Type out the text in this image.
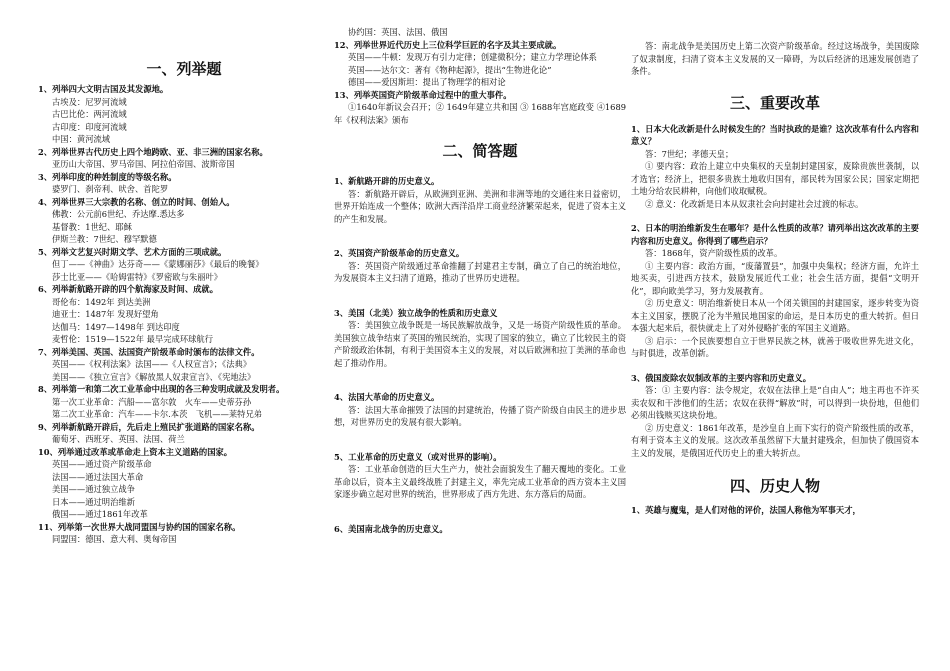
一、列举题
1、列举四大文明古国及其发源地。
古埃及：尼罗河流域
古巴比伦：两河流域
古印度：印度河流域
中国：黄河流域
2、列举世界古代历史上四个地跨欧、亚、非三洲的国家名称。
亚历山大帝国、罗马帝国、阿拉伯帝国、波斯帝国
3、列举印度的种姓制度的等级名称。
婆罗门、刹帝利、吠舍、首陀罗
4、列举世界三大宗教的名称、创立的时间、创始人。
佛教：公元前6世纪、乔达摩.悉达多
基督教：1世纪、耶稣
伊斯兰教：7世纪、穆罕默德
5、列举文艺复兴时期文学、艺术方面的三项成就。
但丁——《神曲》达芬奇——《蒙娜丽莎》《最后的晚餐》
莎士比亚——《哈姆雷特》《罗密欧与朱丽叶》
6、列举新航路开辟的四个航海家及时间、成就。
哥伦布：1492年 到达美洲
迪亚士：1487年 发现好望角
达伽马：1497—1498年 到达印度
麦哲伦：1519—1522年 最早完成环球航行
7、列举美国、英国、法国资产阶级革命时颁布的法律文件。
英国——《权利法案》法国——《人权宣言》；《法典》
美国——《独立宣言》《解放黑人奴隶宣言》、《宪地法》
8、列举第一和第二次工业革命中出现的各三种发明成就及发明者。
第一次工业革命：汽船——富尔敦　火车——史蒂芬孙
第二次工业革命：汽车——卡尔.本茨　飞机——莱特兄弟
9、列举新航路开辟后，先后走上殖民扩张道路的国家名称。
葡萄牙、西班牙、英国、法国、荷兰
10、列举通过改革或革命走上资本主义道路的国家。
英国——通过资产阶级革命
法国——通过法国大革命
美国——通过独立战争
日本——通过明治维新
俄国——通过1861年改革
11、列举第一次世界大战同盟国与协约国的国家名称。
同盟国：德国、意大利、奥匈帝国
协约国：英国、法国、俄国
12、列举世界近代历史上三位科学巨匠的名字及其主要成就。
英国——牛顿：发现万有引力定律；创建微积分；建立力学理论体系
英国——达尔文：著有《物种起源》，提出“生物进化论”
德国——爱因斯坦：提出了物理学的相对论
13、列举英国资产阶级革命过程中的重大事件。
①1640年新议会召开；② 1649年建立共和国 ③ 1688年宫庭政变 ④1689年《权利法案》颁布
二、简答题
1、新航路开辟的历史意义。
答：新航路开辟后，从欧洲到亚洲、美洲和非洲等地的交通往来日益密切，世界开始连成一个整体；欧洲大西洋沿岸工商业经济繁荣起来，促进了资本主义的产生和发展。
2、英国资产阶级革命的历史意义。
答：英国资产阶级通过革命推翻了封建君主专制，确立了自己的统治地位，为发展资本主义扫清了道路，推动了世界历史进程。
3、美国（北美）独立战争的性质和历史意义
答：美国独立战争既是一场民族解放战争，又是一场资产阶级性质的革命。美国独立战争结束了英国的殖民统治，实现了国家的独立，确立了比较民主的资产阶级政治体制，有利于美国资本主义的发展，对以后欧洲和拉丁美洲的革命也起了推动作用。
4、法国大革命的历史意义。
答：法国大革命摧毁了法国的封建统治，传播了资产阶级自由民主的进步思想，对世界历史的发展有很大影响。
5、工业革命的历史意义（或对世界的影响）。
答：工业革命创造的巨大生产力，使社会面貌发生了翻天覆地的变化。工业革命以后，资本主义最终战胜了封建主义，率先完成工业革命的西方资本主义国家逐步确立起对世界的统治，世界形成了西方先进、东方落后的局面。
6、美国南北战争的历史意义。
答：南北战争是美国历史上第二次资产阶级革命。经过这场战争，美国废除了奴隶制度，扫清了资本主义发展的又一障碍，为以后经济的迅速发展创造了条件。
三、重要改革
1、日本大化改新是什么时候发生的？当时执政的是谁？这次改革有什么内容和意义？
答：7世纪；孝德天皇；
① 要内容：政治上建立中央集权的天皇制封建国家，废除贵族世袭制，以才选官；经济上，把很多贵族土地收归国有，部民转为国家公民；国家定期把土地分给农民耕种，向他们收取赋税。
② 意义：化改新是日本从奴隶社会向封建社会过渡的标志。
2、日本的明治维新发生在哪年？是什么性质的改革？请列举出这次改革的主要内容和历史意义。你得到了哪些启示？
答：1868年，资产阶级性质的改革。
① 主要内容：政治方面，“废藩置县”，加强中央集权；经济方面，允许土地买卖，引进西方技术，鼓励发展近代工业；社会生活方面，提倡“文明开化”，即向欧美学习，努力发展教育。
② 历史意义：明治维新使日本从一个闭关锁国的封建国家，逐步转变为资本主义国家，摆脱了沦为半殖民地国家的命运，是日本历史的重大转折。但日本强大起来后，很快就走上了对外侵略扩张的军国主义道路。
③ 启示：一个民族要想自立于世界民族之林，就善于吸收世界先进文化，与时俱进，改革创新。
3、俄国废除农奴制改革的主要内容和历史意义。
答：① 主要内容：法令规定，农奴在法律上是“自由人”；地主再也不许买卖农奴和干涉他们的生活；农奴在获得“解放”时，可以得到一块份地，但他们必须出钱赎买这块份地。
② 历史意义：1861年改革，是沙皇自上而下实行的资产阶级性质的改革，有利于资本主义的发展。这次改革虽然留下大量封建残余，但加快了俄国资本主义的发展，是俄国近代历史上的重大转折点。
四、历史人物
1、英雄与魔鬼，是人们对他的评价，法国人称他为军事天才，
